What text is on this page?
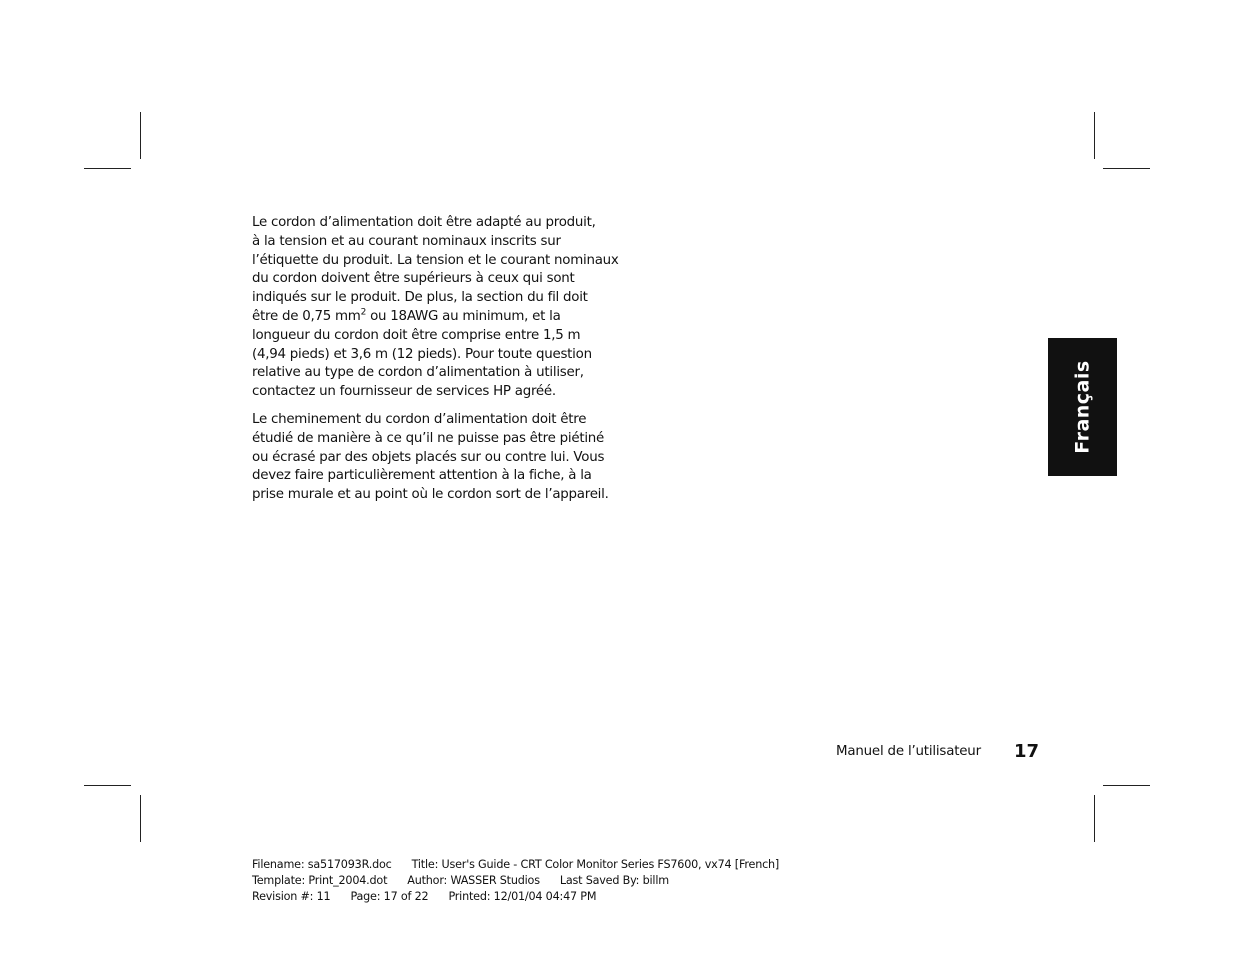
Le cordon d’alimentation doit être adapté au produit,

à la tension et au courant nominaux inscrits sur

l’étiquette du produit. La tension et le courant nominaux

du cordon doivent être supérieurs à ceux qui sont

indiqués sur le produit. De plus, la section du fil doit

être de 0,75 $mm^2$ ou 18AWG au minimum, et la

longueur du cordon doit être comprise entre 1,5 m

(4,94 pieds) et 3,6 m (12 pieds). Pour toute question

relative au type de cordon d’alimentation à utiliser,

contactez un fournisseur de services HP agréé.

Le cheminement du cordon d’alimentation doit être

étudié de manière à ce qu’il ne puisse pas être piétiné

ou écrasé par des objets placés sur ou contre lui. Vous

devez faire particulièrement attention à la fiche, à la

prise murale et au point où le cordon sort de l’appareil.

Français
Manuel de l’utilisateur 17
Filename: sa517093R.doc Title: User's Guide - CRT Color Monitor Series FS7600, vx74 [French]
Template: Print_2004.dot Author: WASSER Studios Last Saved By: billm
Revision #: 11 Page: 17 of 22 Printed: 12/01/04 04:47 PM
